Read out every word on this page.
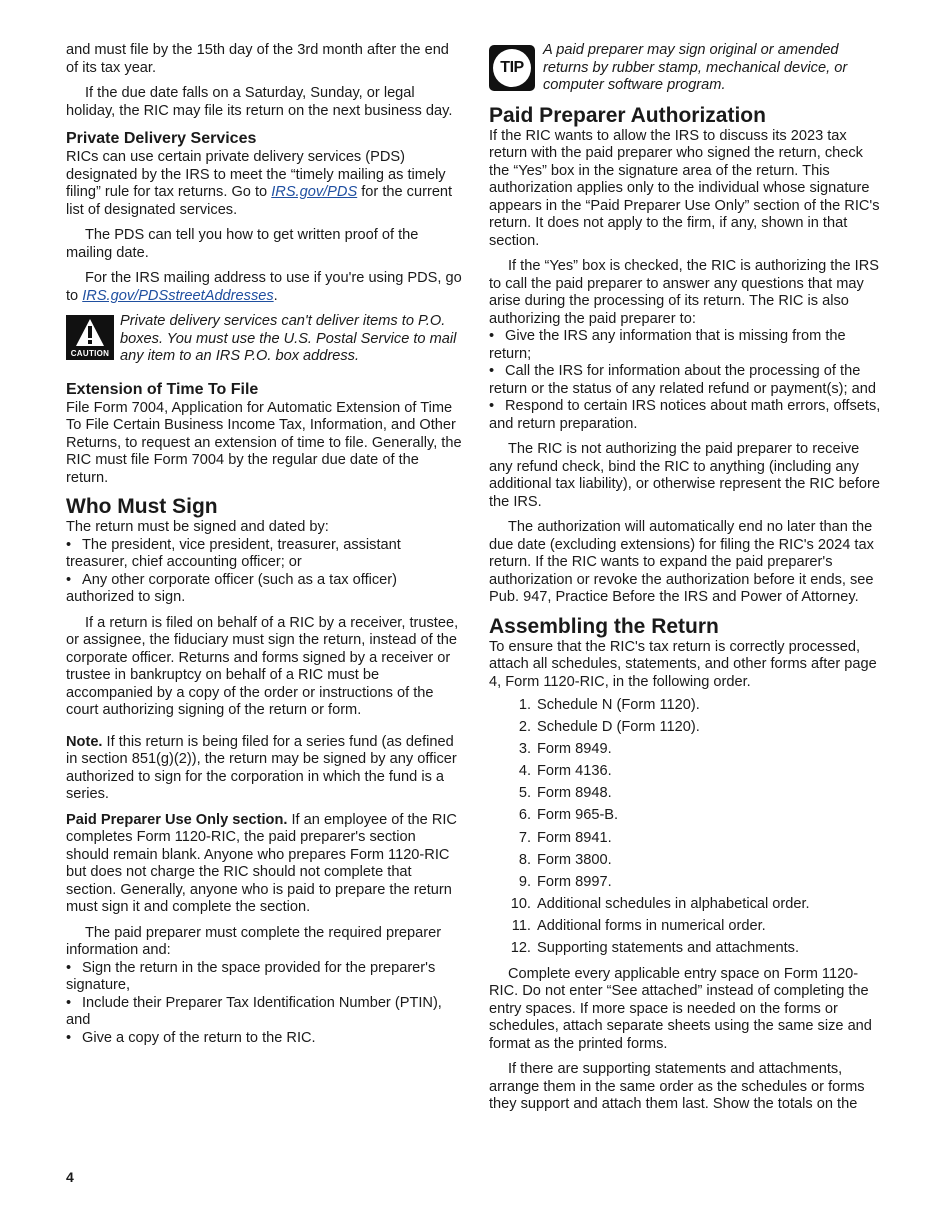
and must file by the 15th day of the 3rd month after the end of its tax year.

If the due date falls on a Saturday, Sunday, or legal holiday, the RIC may file its return on the next business day.

Private Delivery Services

RICs can use certain private delivery services (PDS) designated by the IRS to meet the “timely mailing as timely filing” rule for tax returns. Go to IRS.gov/PDS for the current list of designated services.

The PDS can tell you how to get written proof of the mailing date.

For the IRS mailing address to use if you're using PDS, go to IRS.gov/PDSstreetAddresses.

CAUTION
Private delivery services can't deliver items to P.O. boxes. You must use the U.S. Postal Service to mail any item to an IRS P.O. box address.
Extension of Time To File

File Form 7004, Application for Automatic Extension of Time To File Certain Business Income Tax, Information, and Other Returns, to request an extension of time to file. Generally, the RIC must file Form 7004 by the regular due date of the return.

Who Must Sign

The return must be signed and dated by:

• The president, vice president, treasurer, assistant treasurer, chief accounting officer; or

• Any other corporate officer (such as a tax officer) authorized to sign.

If a return is filed on behalf of a RIC by a receiver, trustee, or assignee, the fiduciary must sign the return, instead of the corporate officer. Returns and forms signed by a receiver or trustee in bankruptcy on behalf of a RIC must be accompanied by a copy of the order or instructions of the court authorizing signing of the return or form.

Note. If this return is being filed for a series fund (as defined in section 851(g)(2)), the return may be signed by any officer authorized to sign for the corporation in which the fund is a series.

Paid Preparer Use Only section. If an employee of the RIC completes Form 1120-RIC, the paid preparer's section should remain blank. Anyone who prepares Form 1120-RIC but does not charge the RIC should not complete that section. Generally, anyone who is paid to prepare the return must sign it and complete the section.

The paid preparer must complete the required preparer information and:

• Sign the return in the space provided for the preparer's signature,

• Include their Preparer Tax Identification Number (PTIN), and

• Give a copy of the return to the RIC.

TIP
A paid preparer may sign original or amended returns by rubber stamp, mechanical device, or computer software program.
Paid Preparer Authorization

If the RIC wants to allow the IRS to discuss its 2023 tax return with the paid preparer who signed the return, check the “Yes” box in the signature area of the return. This authorization applies only to the individual whose signature appears in the “Paid Preparer Use Only” section of the RIC's return. It does not apply to the firm, if any, shown in that section.

If the “Yes” box is checked, the RIC is authorizing the IRS to call the paid preparer to answer any questions that may arise during the processing of its return. The RIC is also authorizing the paid preparer to:

• Give the IRS any information that is missing from the return;

• Call the IRS for information about the processing of the return or the status of any related refund or payment(s); and

• Respond to certain IRS notices about math errors, offsets, and return preparation.

The RIC is not authorizing the paid preparer to receive any refund check, bind the RIC to anything (including any additional tax liability), or otherwise represent the RIC before the IRS.

The authorization will automatically end no later than the due date (excluding extensions) for filing the RIC's 2024 tax return. If the RIC wants to expand the paid preparer's authorization or revoke the authorization before it ends, see Pub. 947, Practice Before the IRS and Power of Attorney.

Assembling the Return

To ensure that the RIC's tax return is correctly processed, attach all schedules, statements, and other forms after page 4, Form 1120-RIC, in the following order.

1. Schedule N (Form 1120).
2. Schedule D (Form 1120).
3. Form 8949.
4. Form 4136.
5. Form 8948.
6. Form 965-B.
7. Form 8941.
8. Form 3800.
9. Form 8997.
10. Additional schedules in alphabetical order.
11. Additional forms in numerical order.
12. Supporting statements and attachments.

Complete every applicable entry space on Form 1120-RIC. Do not enter “See attached” instead of completing the entry spaces. If more space is needed on the forms or schedules, attach separate sheets using the same size and format as the printed forms.

If there are supporting statements and attachments, arrange them in the same order as the schedules or forms they support and attach them last. Show the totals on the

4
